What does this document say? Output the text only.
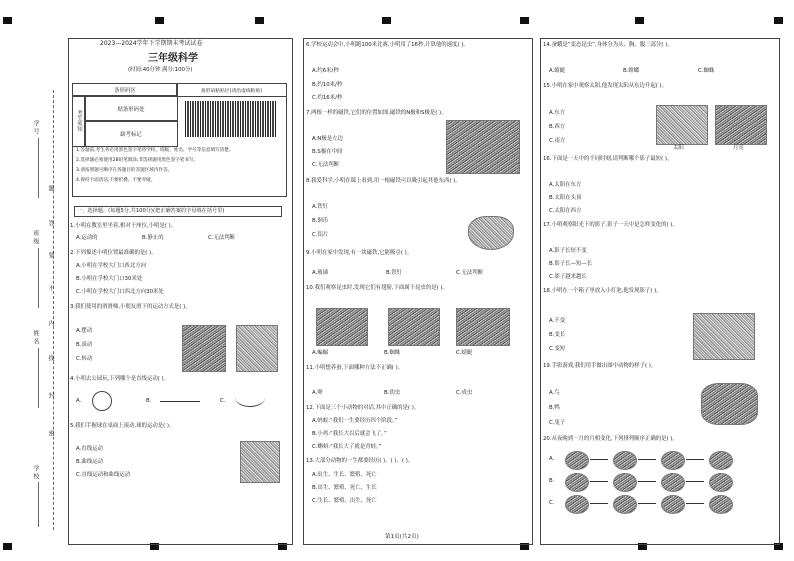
学号
题
答
要
不
内
线
封
密
姓名
班级
学校
2023—2024学年下学期期末考试试卷
三年级科学
(时间:40分钟 满分:100分)
条形码区	条形码粘贴区(请沿虚线粘贴)
考生须知
贴条形码处
缺考标记
1.答题前,考生务必用黑色签字笔将学校、班级、姓名、学号等信息填写清楚。
2.选择题必须使用2B铅笔填涂,非选择题用黑色签字笔书写。
3.请按照题号顺序在各题目的答题区域内作答。
4.保持卡面清洁,不要折叠、不要弄破。
一、选择题。(每题5分,共100分)(把正确答案的字母填在括号里)
1.小明在教室里坐着,相对于座位,小明是( )。
A.运动的	B.静止的	C.无法判断
2.下列描述小明位置最准确的是( )。
A.小明在学校大门口西北方向
B.小明在学校大门口30米处
C.小明在学校大门口西北方向30米处
3.我们使用的滑滑梯,小朋友滑下的运动方式是( )。
A.摆动
B.滚动
C.转动
4.小明去公园玩,下列哪个是直线运动( )。
A.	B.	C.
5.我们手握球在桌面上滚动,球的运动是( )。
A.直线运动
B.曲线运动
C.直线运动和曲线运动
6.学校运动会中,小明跑100米比赛,小明用了16秒,计算他的速度( )。
A.约6米/秒
B.约10米/秒
C.约16米/秒
7.两根一样的磁铁,它们的位置如图,磁铁的N极和S极是( )。
A.N极是左边
B.S极在中间
C.无法判断
8.我爱科学,小明在课上看到,用一根磁铁可以吸引起其他东西( )。
A.铁钉
B.铜币
C.铝片
9.小明在家中发现,有一块磁铁,它能吸引( )。
A.玻璃	B.铁钉	C.无法判断
10.我们观察昆虫时,发现它们有翅膀,下面属于昆虫的是( )。
A.蝙蝠	B.蜘蛛	C.蜻蜓
11.小明想养蚕,下面哪种方法不正确( )。
A.卵	B.幼虫	C.成虫
12.下面是三个小动物的对话,其中正确的是( )。
A.蚂蚁:“我们一生要经历四个阶段。”
B.小鸡:“我长大以后就会飞了。”
C.蝌蚪:“我长大了就是青蛙。”
13.大部分动物的一生都要经历( )、( )、( )。
A.出生、生长、繁殖、死亡
B.出生、繁殖、死亡、生长
C.生长、繁殖、出生、死亡
14.蚕蛾是“变态昆虫”,身体分为头、胸、腹三部分( )。
A.蜻蜓	B.螳螂	C.蜘蛛
15.小明在家中观察太阳,他发现太阳从东边升起( )。
A.东方
B.西方
C.南方
太阳	月亮
16.下面是一天中的不同时刻,请判断哪个影子最短( )。
A.太阳在东方
B.太阳在头顶
C.太阳在西方
17.小明观察阳光下的影子,影子一天中是怎样变化的( )。
A.影子长短不变
B.影子长—短—长
C.影子越来越长
18.小明在一个箱子里放入小灯泡,他发现影子( )。
A.不变
B.变长
C.变短
19.手影游戏,我们用手做出图中动物的样子( )。
A.鸟
B.鸭
C.兔子
20.从夜晚到一月的月相变化,下列排列顺序正确的是( )。
A.
B.
C.
第1页(共2页)
